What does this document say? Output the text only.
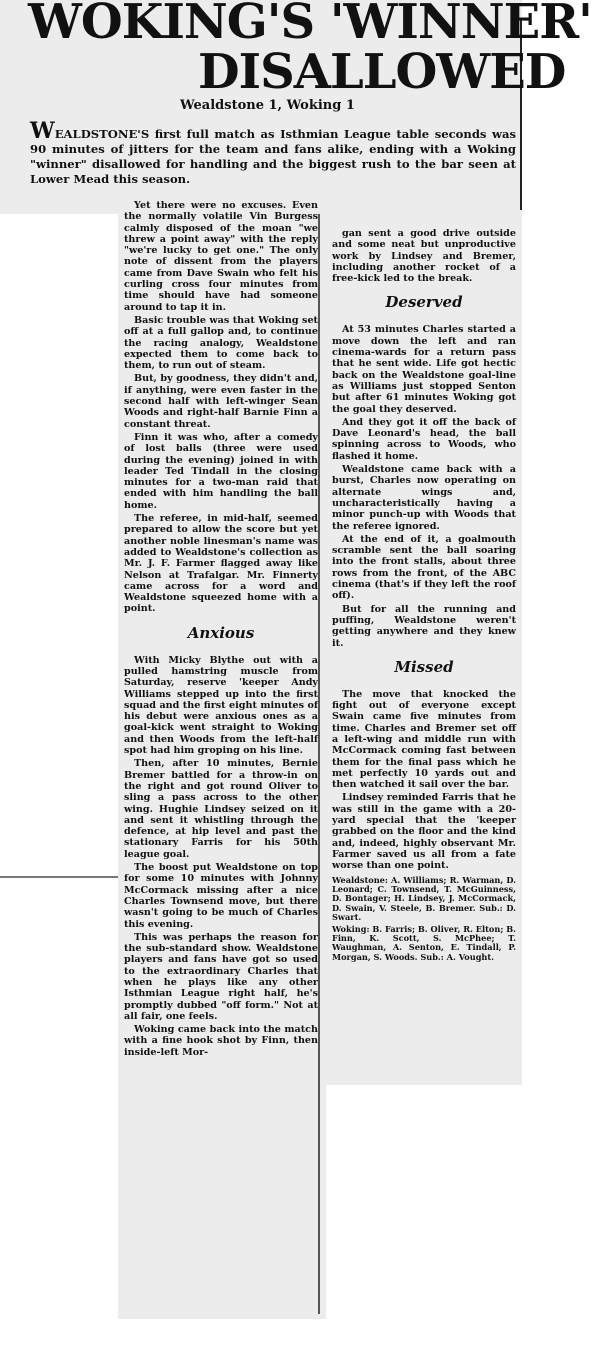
WOKING'S 'WINNER'
DISALLOWED
Wealdstone 1, Woking 1
WEALDSTONE'S first full match as Isthmian League table seconds was 90 minutes of jitters for the team and fans alike, ending with a Woking "winner" disallowed for handling and the biggest rush to the bar seen at Lower Mead this season.

Yet there were no excuses. Even the normally volatile Vin Burgess calmly disposed of the moan "we threw a point away" with the reply "we're lucky to get one." The only note of dissent from the players came from Dave Swain who felt his curling cross four minutes from time should have had someone around to tap it in.

Basic trouble was that Woking set off at a full gallop and, to continue the racing analogy, Wealdstone expected them to come back to them, to run out of steam.

But, by goodness, they didn't and, if anything, were even faster in the second half with left-winger Sean Woods and right-half Barnie Finn a constant threat.

Finn it was who, after a comedy of lost balls (three were used during the evening) joined in with leader Ted Tindall in the closing minutes for a two-man raid that ended with him handling the ball home.

The referee, in mid-half, seemed prepared to allow the score but yet another noble linesman's name was added to Wealdstone's collection as Mr. J. F. Farmer flagged away like Nelson at Trafalgar. Mr. Finnerty came across for a word and Wealdstone squeezed home with a point.

Anxious

With Micky Blythe out with a pulled hamstring muscle from Saturday, reserve 'keeper Andy Williams stepped up into the first squad and the first eight minutes of his debut were anxious ones as a goal-kick went straight to Woking and then Woods from the left-half spot had him groping on his line.

Then, after 10 minutes, Bernie Bremer battled for a throw-in on the right and got round Oliver to sling a pass across to the other wing. Hughie Lindsey seized on it and sent it whistling through the defence, at hip level and past the stationary Farris for his 50th league goal.

The boost put Wealdstone on top for some 10 minutes with Johnny McCormack missing after a nice Charles Townsend move, but there wasn't going to be much of Charles this evening.

This was perhaps the reason for the sub-standard show. Wealdstone players and fans have got so used to the extraordinary Charles that when he plays like any other Isthmian League right half, he's promptly dubbed "off form." Not at all fair, one feels.

Woking came back into the match with a fine hook shot by Finn, then inside-left Mor-

gan sent a good drive outside and some neat but unproductive work by Lindsey and Bremer, including another rocket of a free-kick led to the break.

Deserved

At 53 minutes Charles started a move down the left and ran cinema-wards for a return pass that he sent wide. Life got hectic back on the Wealdstone goal-line as Williams just stopped Senton but after 61 minutes Woking got the goal they deserved.

And they got it off the back of Dave Leonard's head, the ball spinning across to Woods, who flashed it home.

Wealdstone came back with a burst, Charles now operating on alternate wings and, uncharacteristically having a minor punch-up with Woods that the referee ignored.

At the end of it, a goalmouth scramble sent the ball soaring into the front stalls, about three rows from the front, of the ABC cinema (that's if they left the roof off).

But for all the running and puffing, Wealdstone weren't getting anywhere and they knew it.

Missed

The move that knocked the fight out of everyone except Swain came five minutes from time. Charles and Bremer set off a left-wing and middle run with McCormack coming fast between them for the final pass which he met perfectly 10 yards out and then watched it sail over the bar.

Lindsey reminded Farris that he was still in the game with a 20-yard special that the 'keeper grabbed on the floor and the kind and, indeed, highly observant Mr. Farmer saved us all from a fate worse than one point.

Wealdstone: A. Williams; R. Warman, D. Leonard; C. Townsend, T. McGuinness, D. Bontager; H. Lindsey, J. McCormack, D. Swain, V. Steele, B. Bremer. Sub.: D. Swart.

Woking: B. Farris; B. Oliver, R. Elton; B. Finn, K. Scott, S. McPhee; T. Waughman, A. Senton, E. Tindall, P. Morgan, S. Woods. Sub.: A. Vought.
